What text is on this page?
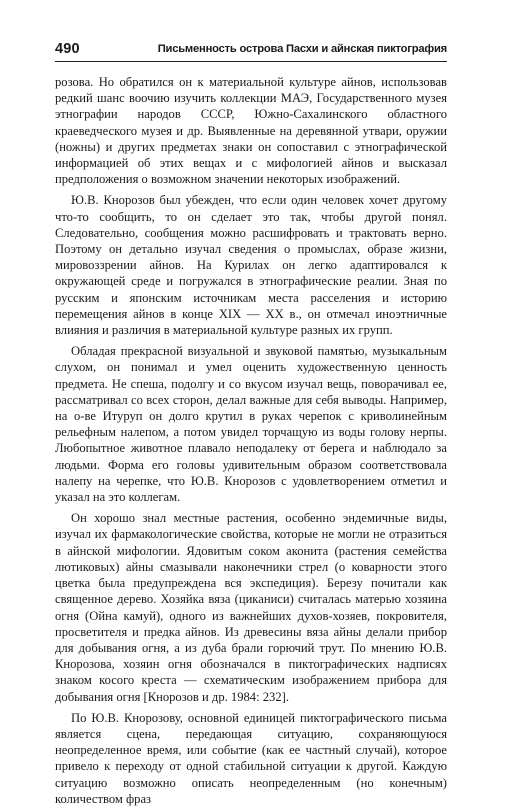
490	Письменность острова Пасхи и айнская пиктография

розова. Но обратился он к материальной культуре айнов, использовав редкий шанс воочию изучить коллекции МАЭ, Государственного музея этнографии народов СССР, Южно-Сахалинского областного краеведческого музея и др. Выявленные на деревянной утвари, оружии (ножны) и других предметах знаки он сопоставил с этнографической информацией об этих вещах и с мифологией айнов и высказал предположения о возможном значении некоторых изображений.

Ю.В. Кнорозов был убежден, что если один человек хочет другому что-то сообщить, то он сделает это так, чтобы другой понял. Следовательно, сообщения можно расшифровать и трактовать верно. Поэтому он детально изучал сведения о промыслах, образе жизни, мировоззрении айнов. На Курилах он легко адаптировался к окружающей среде и погружался в этнографические реалии. Зная по русским и японским источникам места расселения и историю перемещения айнов в конце XIX — XX в., он отмечал иноэтничные влияния и различия в материальной культуре разных их групп.

Обладая прекрасной визуальной и звуковой памятью, музыкальным слухом, он понимал и умел оценить художественную ценность предмета. Не спеша, подолгу и со вкусом изучал вещь, поворачивал ее, рассматривал со всех сторон, делал важные для себя выводы. Например, на о-ве Итуруп он долго крутил в руках черепок с криволинейным рельефным налепом, а потом увидел торчащую из воды голову нерпы. Любопытное животное плавало неподалеку от берега и наблюдало за людьми. Форма его головы удивительным образом соответствовала налепу на черепке, что Ю.В. Кнорозов с удовлетворением отметил и указал на это коллегам.

Он хорошо знал местные растения, особенно эндемичные виды, изучал их фармакологические свойства, которые не могли не отразиться в айнской мифологии. Ядовитым соком аконита (растения семейства лютиковых) айны смазывали наконечники стрел (о коварности этого цветка была предупреждена вся экспедиция). Березу почитали как священное дерево. Хозяйка вяза (циканиси) считалась матерью хозяина огня (Ойна камуй), одного из важнейших духов-хозяев, покровителя, просветителя и предка айнов. Из древесины вяза айны делали прибор для добывания огня, а из дуба брали горючий трут. По мнению Ю.В. Кнорозова, хозяин огня обозначался в пиктографических надписях знаком косого креста — схематическим изображением прибора для добывания огня [Кнорозов и др. 1984: 232].

По Ю.В. Кнорозову, основной единицей пиктографического письма является сцена, передающая ситуацию, сохраняющуюся неопределенное время, или событие (как ее частный случай), которое привело к переходу от одной стабильной ситуации к другой. Каждую ситуацию возможно описать неопределенным (но конечным) количеством фраз
